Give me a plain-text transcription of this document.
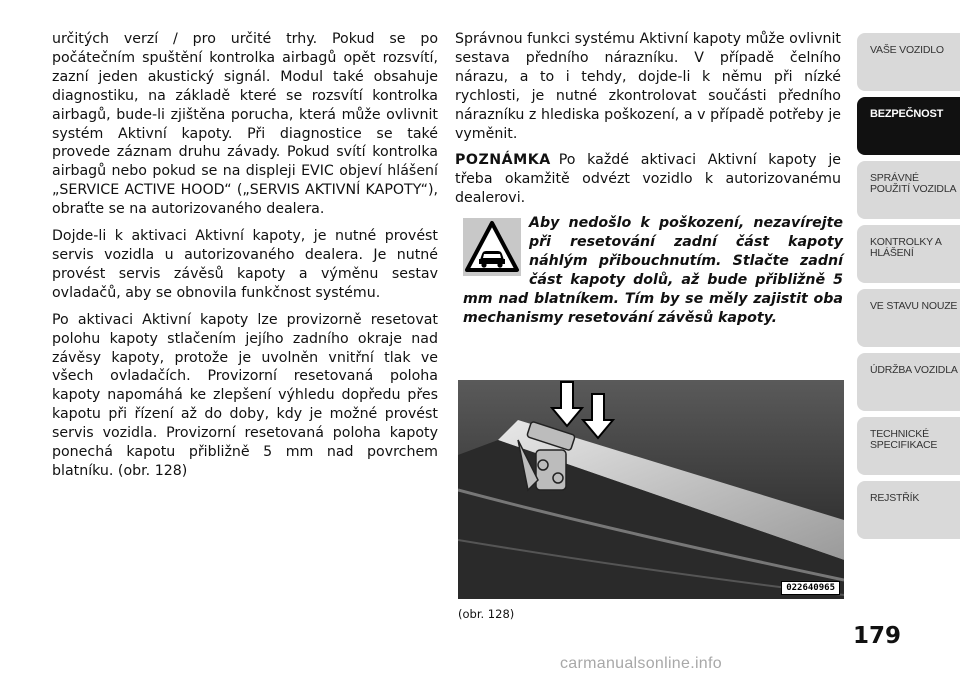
určitých verzí / pro určité trhy. Pokud se po počátečním spuštění kontrolka airbagů opět rozsvítí, zazní jeden akustický signál. Modul také obsahuje diagnostiku, na základě které se rozsvítí kontrolka airbagů, bude-li zjištěna porucha, která může ovlivnit systém Aktivní kapoty. Při diagnostice se také provede záznam druhu závady. Pokud svítí kontrolka airbagů nebo pokud se na displeji EVIC objeví hlášení „SERVICE ACTIVE HOOD“ („SERVIS AKTIVNÍ KAPOTY“), obraťte se na autorizovaného dealera.

Dojde-li k aktivaci Aktivní kapoty, je nutné provést servis vozidla u autorizovaného dealera. Je nutné provést servis závěsů kapoty a výměnu sestav ovladačů, aby se obnovila funkčnost systému.

Po aktivaci Aktivní kapoty lze provizorně resetovat polohu kapoty stlačením jejího zadního okraje nad závěsy kapoty, protože je uvolněn vnitřní tlak ve všech ovladačích. Provizorní resetovaná poloha kapoty napomáhá ke zlepšení výhledu dopředu přes kapotu při řízení až do doby, kdy je možné provést servis vozidla. Provizorní resetovaná poloha kapoty ponechá kapotu přibližně 5 mm nad povrchem blatníku. (obr. 128)

Správnou funkci systému Aktivní kapoty může ovlivnit sestava předního nárazníku. V případě čelního nárazu, a to i tehdy, dojde-li k němu při nízké rychlosti, je nutné zkontrolovat součásti předního nárazníku z hlediska poškození, a v případě potřeby je vyměnit.

POZNÁMKA Po každé aktivaci Aktivní kapoty je třeba okamžitě odvézt vozidlo k autorizovanému dealerovi.

Aby nedošlo k poškození, nezavírejte při resetování zadní část kapoty náhlým přibouchnutím. Stlačte zadní část kapoty dolů, až bude přibližně 5 mm nad blatníkem. Tím by se měly zajistit oba mechanismy resetování závěsů kapoty.
022640965
(obr. 128)
VAŠE VOZIDLO
BEZPEČNOST
SPRÁVNÉ POUŽITÍ VOZIDLA
KONTROLKY A HLÁŠENÍ
VE STAVU NOUZE
ÚDRŽBA VOZIDLA
TECHNICKÉ SPECIFIKACE
REJSTŘÍK
179
carmanualsonline.info
